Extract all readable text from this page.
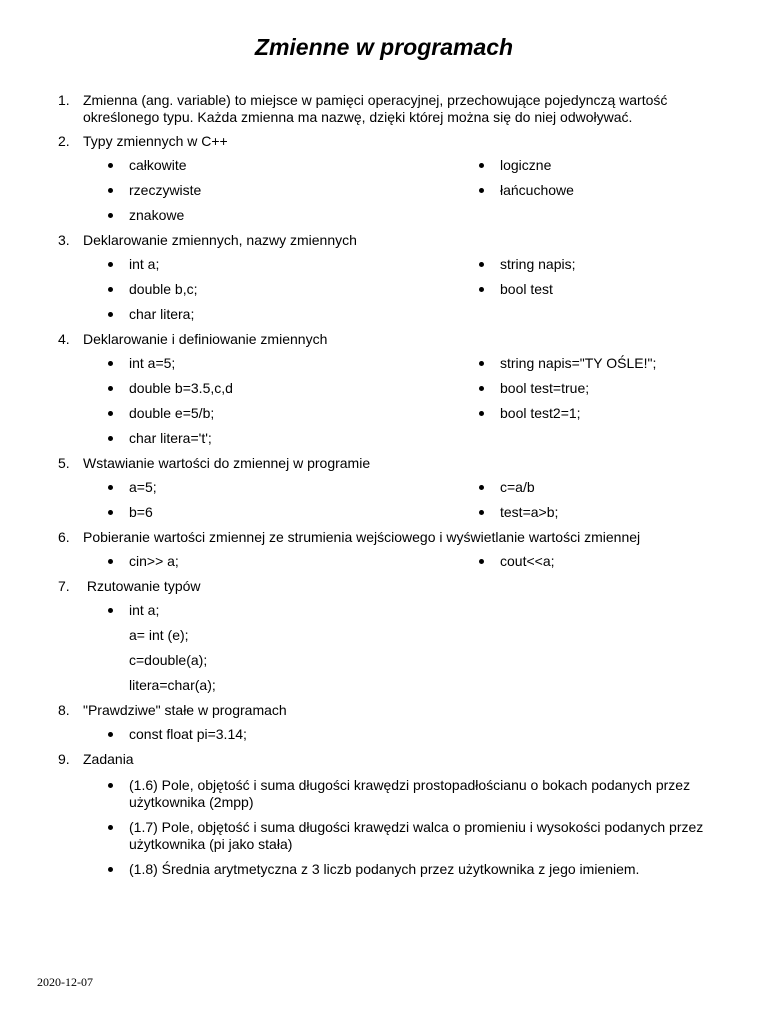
Zmienne w programach
1. Zmienna (ang. variable) to miejsce w pamięci operacyjnej, przechowujące pojedynczą wartość określonego typu. Każda zmienna ma nazwę, dzięki której można się do niej odwoływać.
2. Typy zmiennych w C++
całkowite	logiczne
rzeczywiste	łańcuchowe
znakowe
3. Deklarowanie zmiennych, nazwy zmiennych
int a;	string napis;
double b,c;	bool test
char litera;
4. Deklarowanie i definiowanie zmiennych
int a=5;	string napis="TY OŚLE!";
double b=3.5,c,d	bool test=true;
double e=5/b;	bool test2=1;
char litera='t';
5. Wstawianie wartości do zmiennej w programie
a=5;	c=a/b
b=6	test=a>b;
6. Pobieranie wartości zmiennej ze strumienia wejściowego i wyświetlanie wartości zmiennej
cin>> a;	cout<<a;
7. Rzutowanie typów
int a;
a= int (e);
c=double(a);
litera=char(a);
8. "Prawdziwe" stałe w programach
const float pi=3.14;
9. Zadania
(1.6) Pole, objętość i suma długości krawędzi prostopadłościanu o bokach podanych przez użytkownika (2mpp)
(1.7) Pole, objętość i suma długości krawędzi walca o promieniu i wysokości podanych przez użytkownika (pi jako stała)
(1.8) Średnia arytmetyczna z 3 liczb podanych przez użytkownika z jego imieniem.
2020-12-07
